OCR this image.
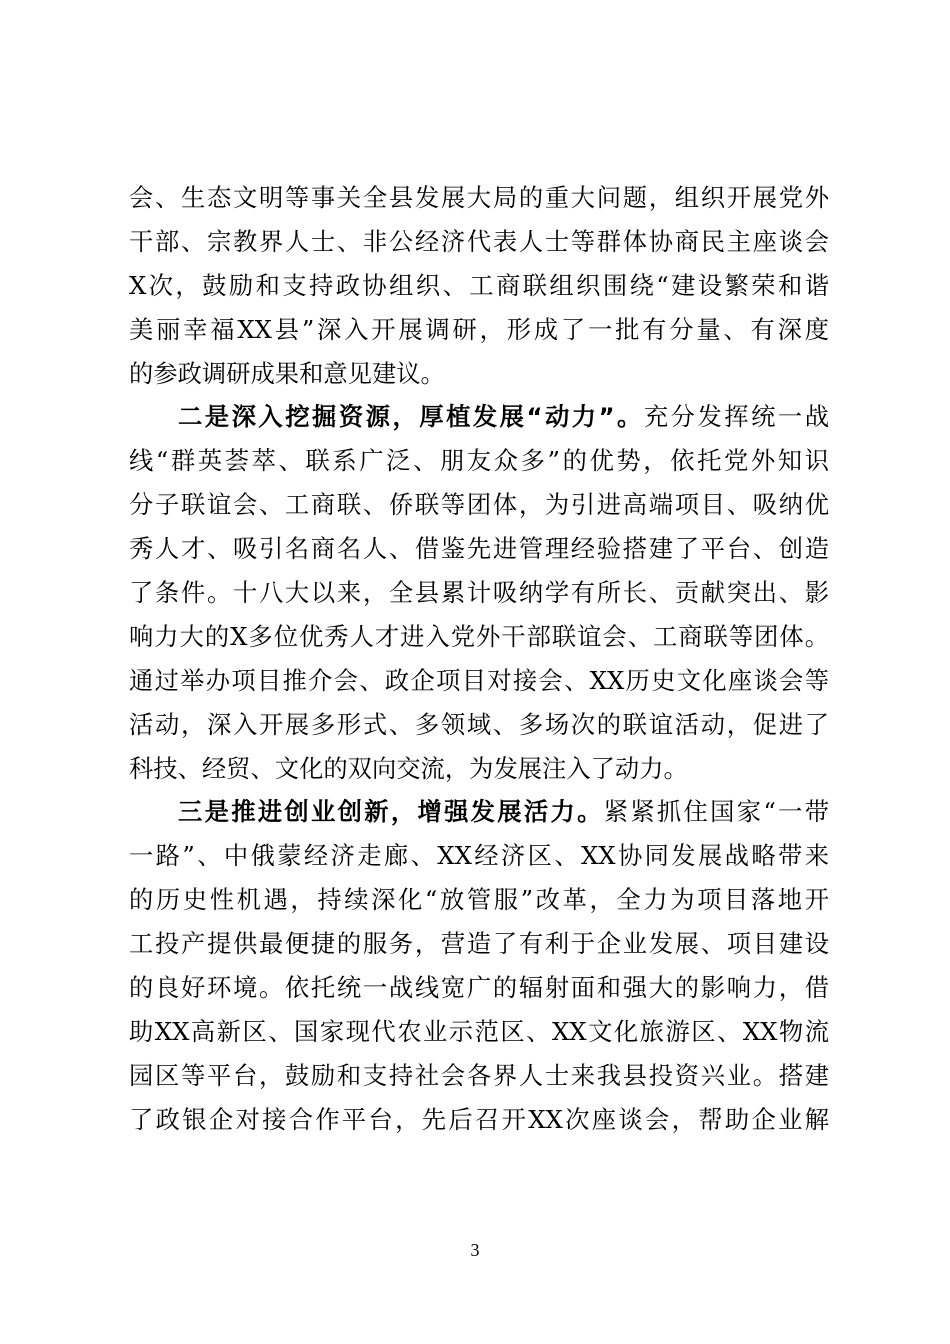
会、生态文明等事关全县发展大局的重大问题，组织开展党外
干部、宗教界人士、非公经济代表人士等群体协商民主座谈会
X次，鼓励和支持政协组织、工商联组织围绕“建设繁荣和谐
美丽幸福XX县”深入开展调研，形成了一批有分量、有深度
的参政调研成果和意见建议。
二是深入挖掘资源，厚植发展“动力”。充分发挥统一战
线“群英荟萃、联系广泛、朋友众多”的优势，依托党外知识
分子联谊会、工商联、侨联等团体，为引进高端项目、吸纳优
秀人才、吸引名商名人、借鉴先进管理经验搭建了平台、创造
了条件。十八大以来，全县累计吸纳学有所长、贡献突出、影
响力大的X多位优秀人才进入党外干部联谊会、工商联等团体。
通过举办项目推介会、政企项目对接会、XX历史文化座谈会等
活动，深入开展多形式、多领域、多场次的联谊活动，促进了
科技、经贸、文化的双向交流，为发展注入了动力。
三是推进创业创新，增强发展活力。紧紧抓住国家“一带
一路”、中俄蒙经济走廊、XX经济区、XX协同发展战略带来
的历史性机遇，持续深化“放管服”改革，全力为项目落地开
工投产提供最便捷的服务，营造了有利于企业发展、项目建设
的良好环境。依托统一战线宽广的辐射面和强大的影响力，借
助XX高新区、国家现代农业示范区、XX文化旅游区、XX物流
园区等平台，鼓励和支持社会各界人士来我县投资兴业。搭建
了政银企对接合作平台，先后召开XX次座谈会，帮助企业解
3
